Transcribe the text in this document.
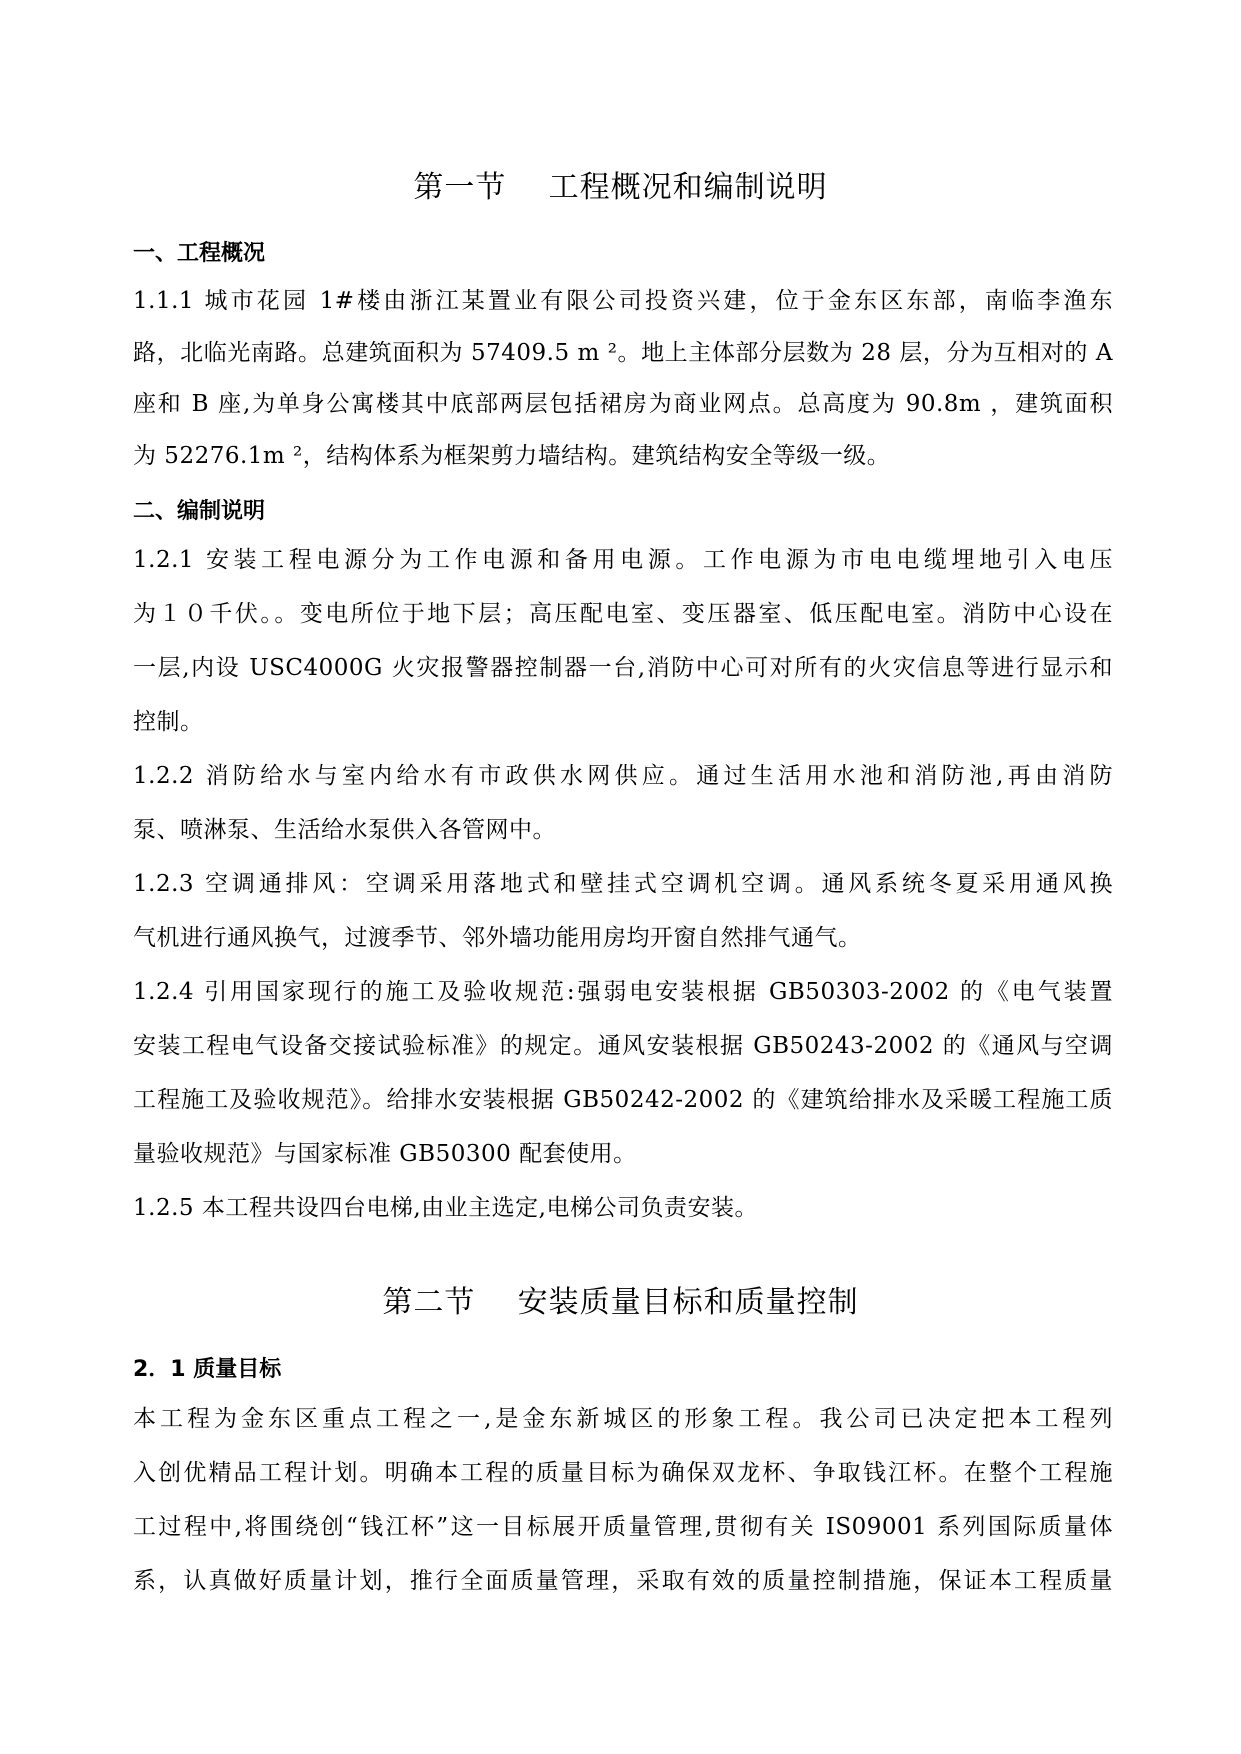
第一节    工程概况和编制说明
一、工程概况
1.1.1 城市花园 1#楼由浙江某置业有限公司投资兴建，位于金东区东部，南临李渔东
路，北临光南路。总建筑面积为 57409.5 m ²。地上主体部分层数为 28 层，分为互相对的 A
座和 B 座,为单身公寓楼其中底部两层包括裙房为商业网点。总高度为 90.8m ，建筑面积
为 52276.1m ²，结构体系为框架剪力墙结构。建筑结构安全等级一级。
二、编制说明
1.2.1 安装工程电源分为工作电源和备用电源。工作电源为市电电缆埋地引入电压
为１０千伏。。变电所位于地下层；高压配电室、变压器室、低压配电室。消防中心设在
一层,内设 USC4000G 火灾报警器控制器一台,消防中心可对所有的火灾信息等进行显示和
控制。
1.2.2 消防给水与室内给水有市政供水网供应。通过生活用水池和消防池,再由消防
泵、喷淋泵、生活给水泵供入各管网中。
1.2.3 空调通排风：空调采用落地式和壁挂式空调机空调。通风系统冬夏采用通风换
气机进行通风换气，过渡季节、邻外墙功能用房均开窗自然排气通气。
1.2.4 引用国家现行的施工及验收规范:强弱电安装根据 GB50303-2002 的《电气装置
安装工程电气设备交接试验标准》的规定。通风安装根据 GB50243-2002 的《通风与空调
工程施工及验收规范》。给排水安装根据 GB50242-2002 的《建筑给排水及采暖工程施工质
量验收规范》与国家标准 GB50300 配套使用。
1.2.5 本工程共设四台电梯,由业主选定,电梯公司负责安装。
第二节    安装质量目标和质量控制
2．1 质量目标
本工程为金东区重点工程之一,是金东新城区的形象工程。我公司已决定把本工程列
入创优精品工程计划。明确本工程的质量目标为确保双龙杯、争取钱江杯。在整个工程施
工过程中,将围绕创“钱江杯”这一目标展开质量管理,贯彻有关 IS09001 系列国际质量体
系，认真做好质量计划，推行全面质量管理，采取有效的质量控制措施，保证本工程质量
